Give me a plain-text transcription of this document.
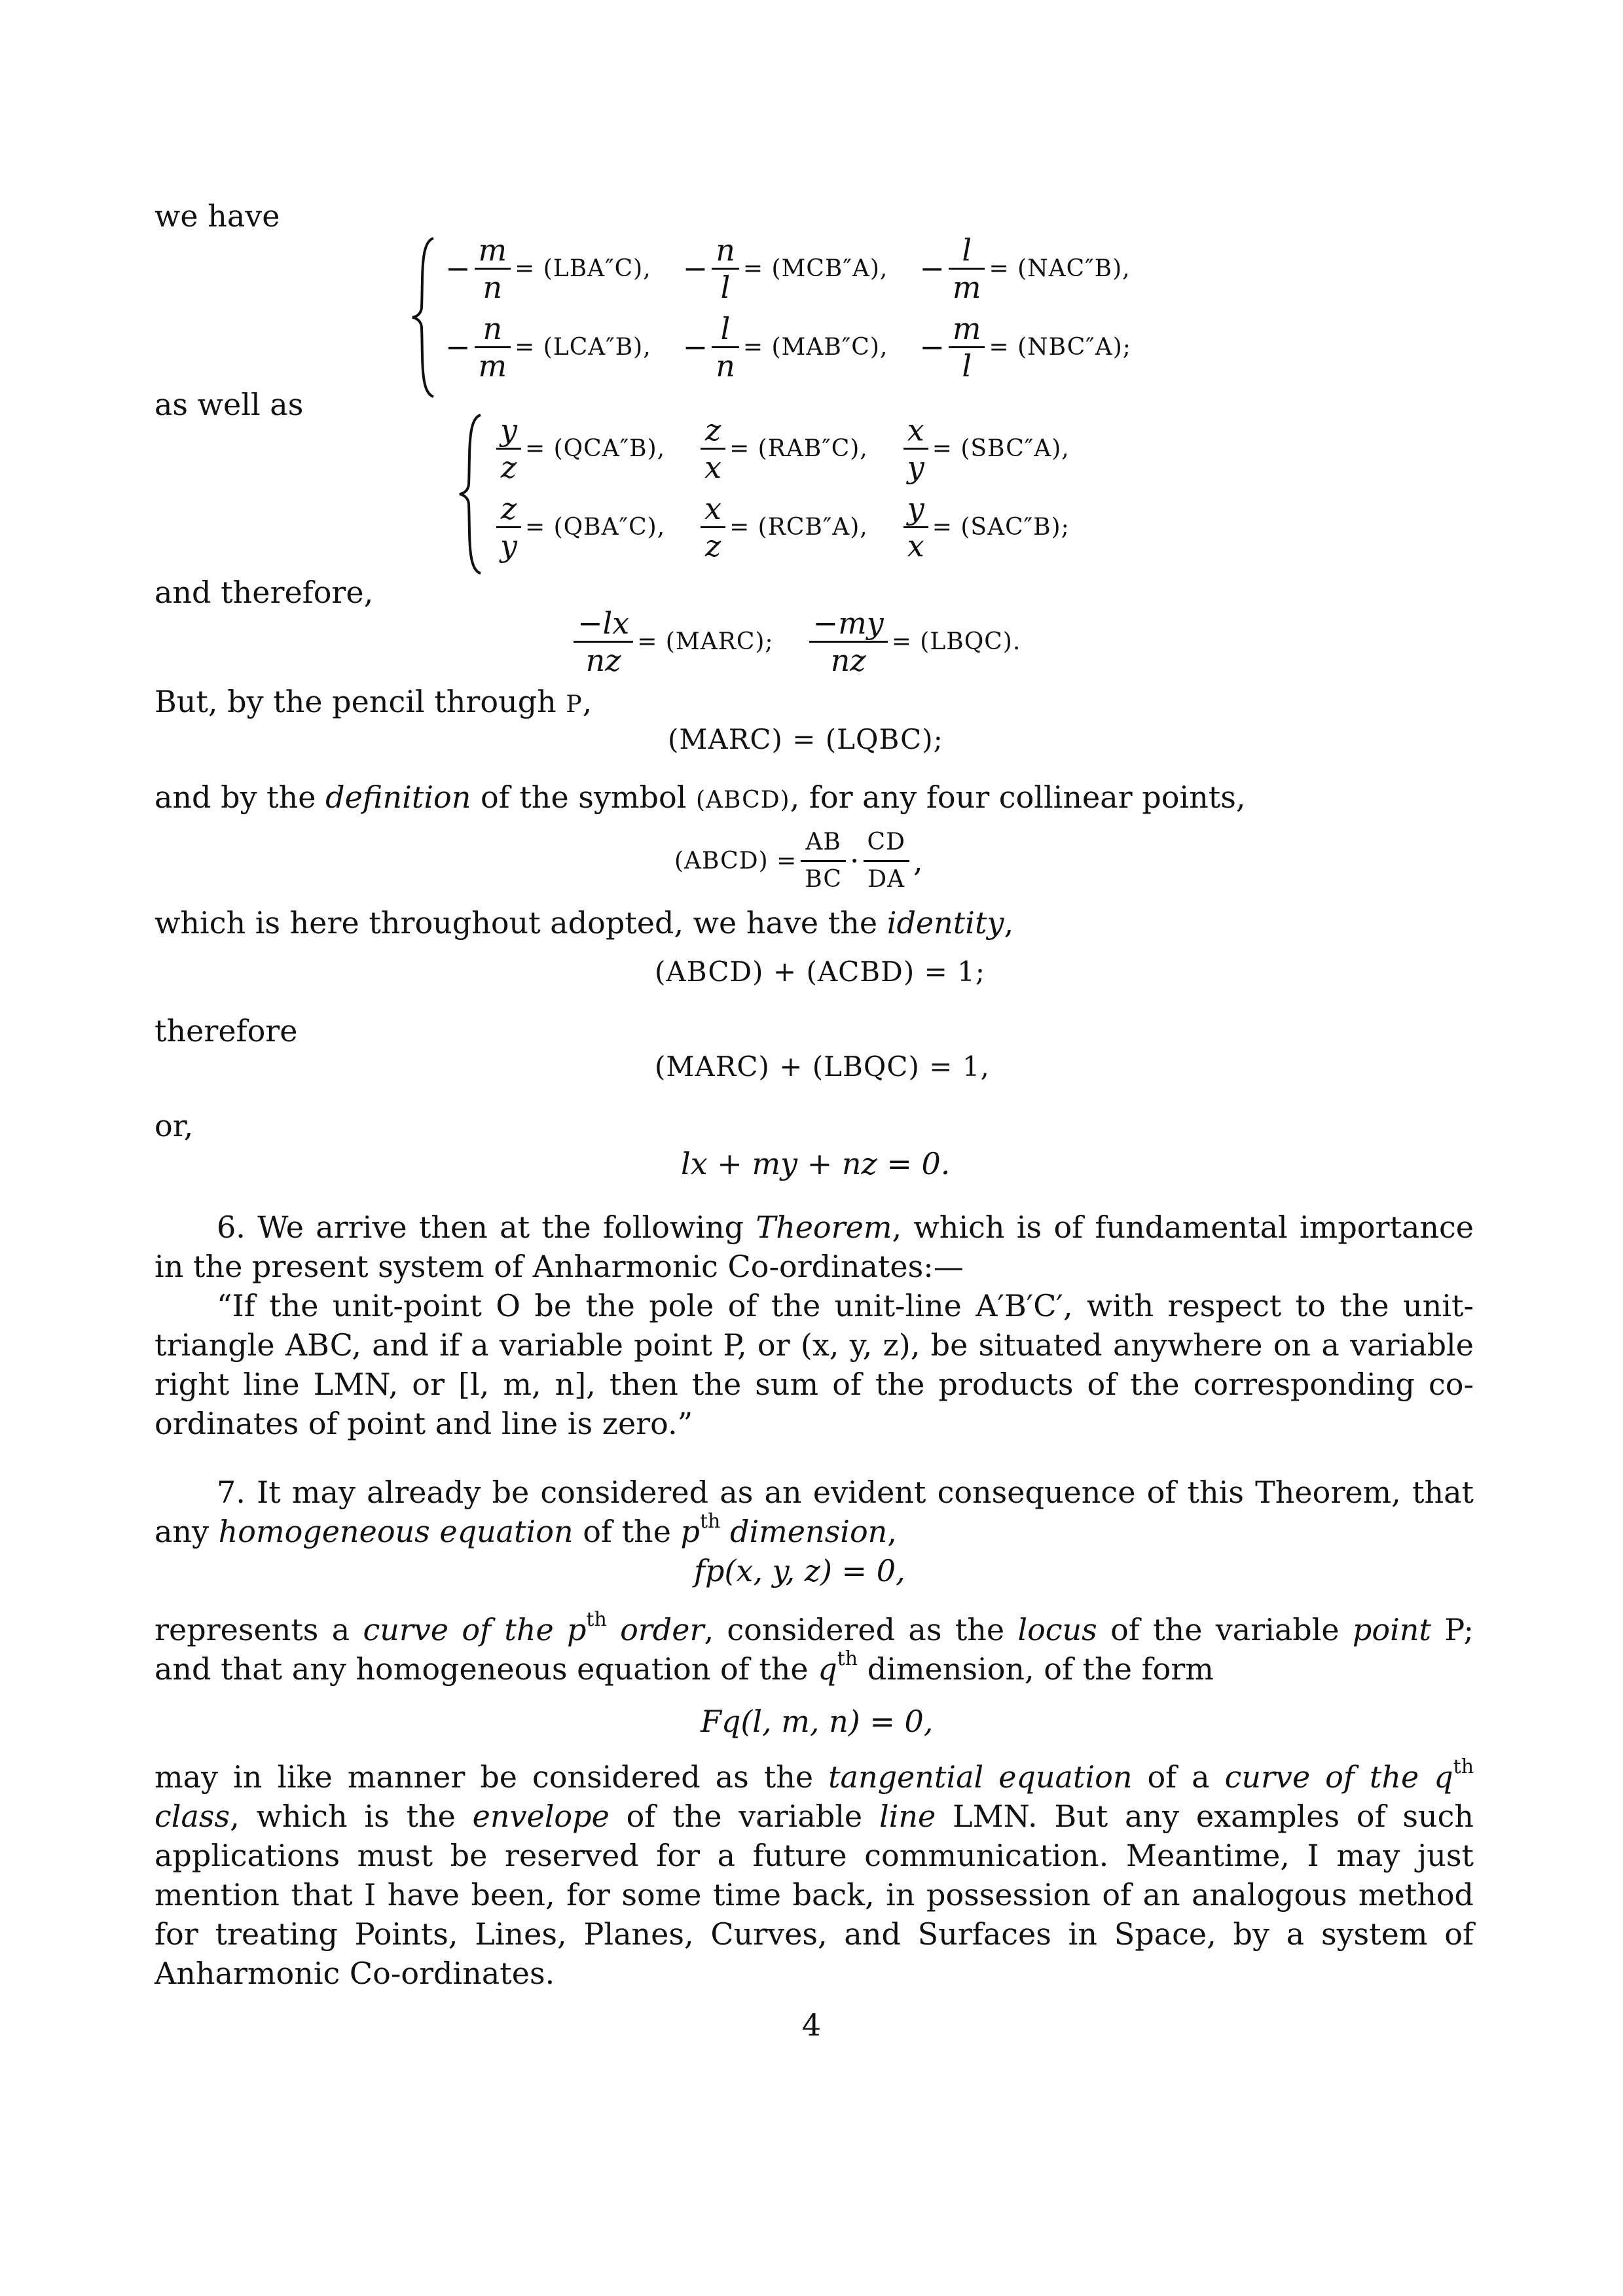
we have
− $\frac{m}{n} = (LBA''C)$, − $\frac{n}{l} = (MCB''A)$, − $\frac{l}{m} = (NAC''B)$,
− $\frac{n}{m} = (LCA''B)$, − $\frac{l}{n} = (MAB''C)$, − $\frac{m}{l} = (NBC''A)$;
as well as
$\frac{y}{z} = (QCA''B)$, $\frac{z}{x} = (RAB''C)$, $\frac{x}{y} = (SBC''A)$,
$\frac{z}{y} = (QBA''C)$, $\frac{x}{z} = (RCB''A)$, $\frac{y}{x} = (SAC''B)$;
and therefore,
$\frac{-lx}{nz}$ = (MARC); $\frac{-my}{nz}$ = (LBQC).
But, by the pencil through P,
(MARC) = (LQBC);
and by the definition of the symbol (ABCD), for any four collinear points,
(ABCD) = $\frac{AB}{BC} \cdot \frac{CD}{DA}$ ,
which is here throughout adopted, we have the identity,
(ABCD) + (ACBD) = 1;
therefore
(MARC) + (LBQC) = 1,
or,
lx + my + nz = 0.

6. We arrive then at the following Theorem, which is of fundamental importance in the present system of Anharmonic Co-ordinates:—

“If the unit-point O be the pole of the unit-line A′B′C′, with respect to the unit-triangle ABC, and if a variable point P, or (x, y, z), be situated anywhere on a variable right line LMN, or [l, m, n], then the sum of the products of the corresponding co-ordinates of point and line is zero.”

7. It may already be considered as an evident consequence of this Theorem, that any homogeneous equation of the $p^{th}$ dimension,

fp(x, y, z) = 0,

represents a curve of the $p^{th}$ order, considered as the locus of the variable point P; and that any homogeneous equation of the $q^{th}$ dimension, of the form

Fq(l, m, n) = 0,

may in like manner be considered as the tangential equation of a curve of the $q^{th}$ class, which is the envelope of the variable line LMN. But any examples of such applications must be reserved for a future communication. Meantime, I may just mention that I have been, for some time back, in possession of an analogous method for treating Points, Lines, Planes, Curves, and Surfaces in Space, by a system of Anharmonic Co-ordinates.

4
